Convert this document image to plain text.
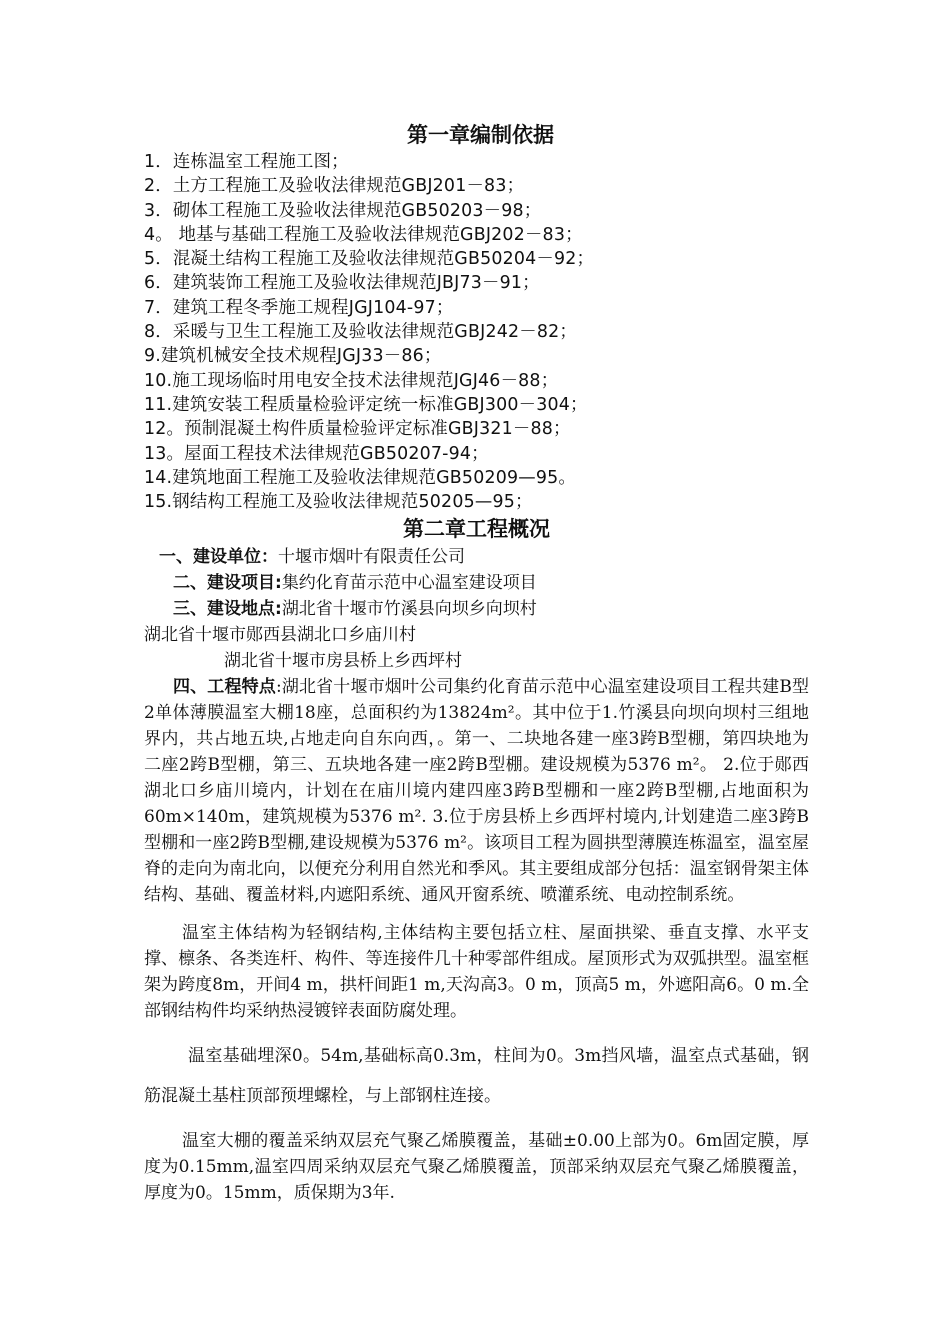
第一章编制依据
1．连栋温室工程施工图；
2．土方工程施工及验收法律规范GBJ201－83；
3．砌体工程施工及验收法律规范GB50203－98；
4。 地基与基础工程施工及验收法律规范GBJ202－83；
5．混凝土结构工程施工及验收法律规范GB50204－92；
6．建筑装饰工程施工及验收法律规范JBJ73－91；
7．建筑工程冬季施工规程JGJ104-97；
8．采暖与卫生工程施工及验收法律规范GBJ242－82；
9.建筑机械安全技术规程JGJ33－86；
10.施工现场临时用电安全技术法律规范JGJ46－88；
11.建筑安装工程质量检验评定统一标准GBJ300－304；
12。预制混凝土构件质量检验评定标准GBJ321－88；
13。屋面工程技术法律规范GB50207-94；
14.建筑地面工程施工及验收法律规范GB50209—95。
15.钢结构工程施工及验收法律规范50205—95；
第二章工程概况
一、建设单位：十堰市烟叶有限责任公司
二、建设项目:集约化育苗示范中心温室建设项目
三、建设地点:湖北省十堰市竹溪县向坝乡向坝村
湖北省十堰市郧西县湖北口乡庙川村
湖北省十堰市房县桥上乡西坪村

四、工程特点:湖北省十堰市烟叶公司集约化育苗示范中心温室建设项目工程共建B型2单体薄膜温室大棚18座，总面积约为13824m²。其中位于1.竹溪县向坝向坝村三组地界内，共占地五块,占地走向自东向西，。第一、二块地各建一座3跨B型棚，第四块地为二座2跨B型棚，第三、五块地各建一座2跨B型棚。建设规模为5376 m²。 2.位于郧西湖北口乡庙川境内，计划在在庙川境内建四座3跨B型棚和一座2跨B型棚,占地面积为60m×140m，建筑规模为5376 m². 3.位于房县桥上乡西坪村境内,计划建造二座3跨B型棚和一座2跨B型棚,建设规模为5376 m²。该项目工程为圆拱型薄膜连栋温室，温室屋脊的走向为南北向，以便充分利用自然光和季风。其主要组成部分包括：温室钢骨架主体结构、基础、覆盖材料,内遮阳系统、通风开窗系统、喷灌系统、电动控制系统。

温室主体结构为轻钢结构,主体结构主要包括立柱、屋面拱梁、垂直支撑、水平支撑、檩条、各类连杆、构件、等连接件几十种零部件组成。屋顶形式为双弧拱型。温室框架为跨度8m，开间4 m，拱杆间距1 m,天沟高3。0 m，顶高5 m，外遮阳高6。0 m.全部钢结构件均采纳热浸镀锌表面防腐处理。

温室基础埋深0。54m,基础标高0.3m，柱间为0。3m挡风墙，温室点式基础，钢筋混凝土基柱顶部预埋螺栓，与上部钢柱连接。

温室大棚的覆盖采纳双层充气聚乙烯膜覆盖，基础±0.00上部为0。6m固定膜，厚度为0.15mm,温室四周采纳双层充气聚乙烯膜覆盖，顶部采纳双层充气聚乙烯膜覆盖，厚度为0。15mm，质保期为3年.
